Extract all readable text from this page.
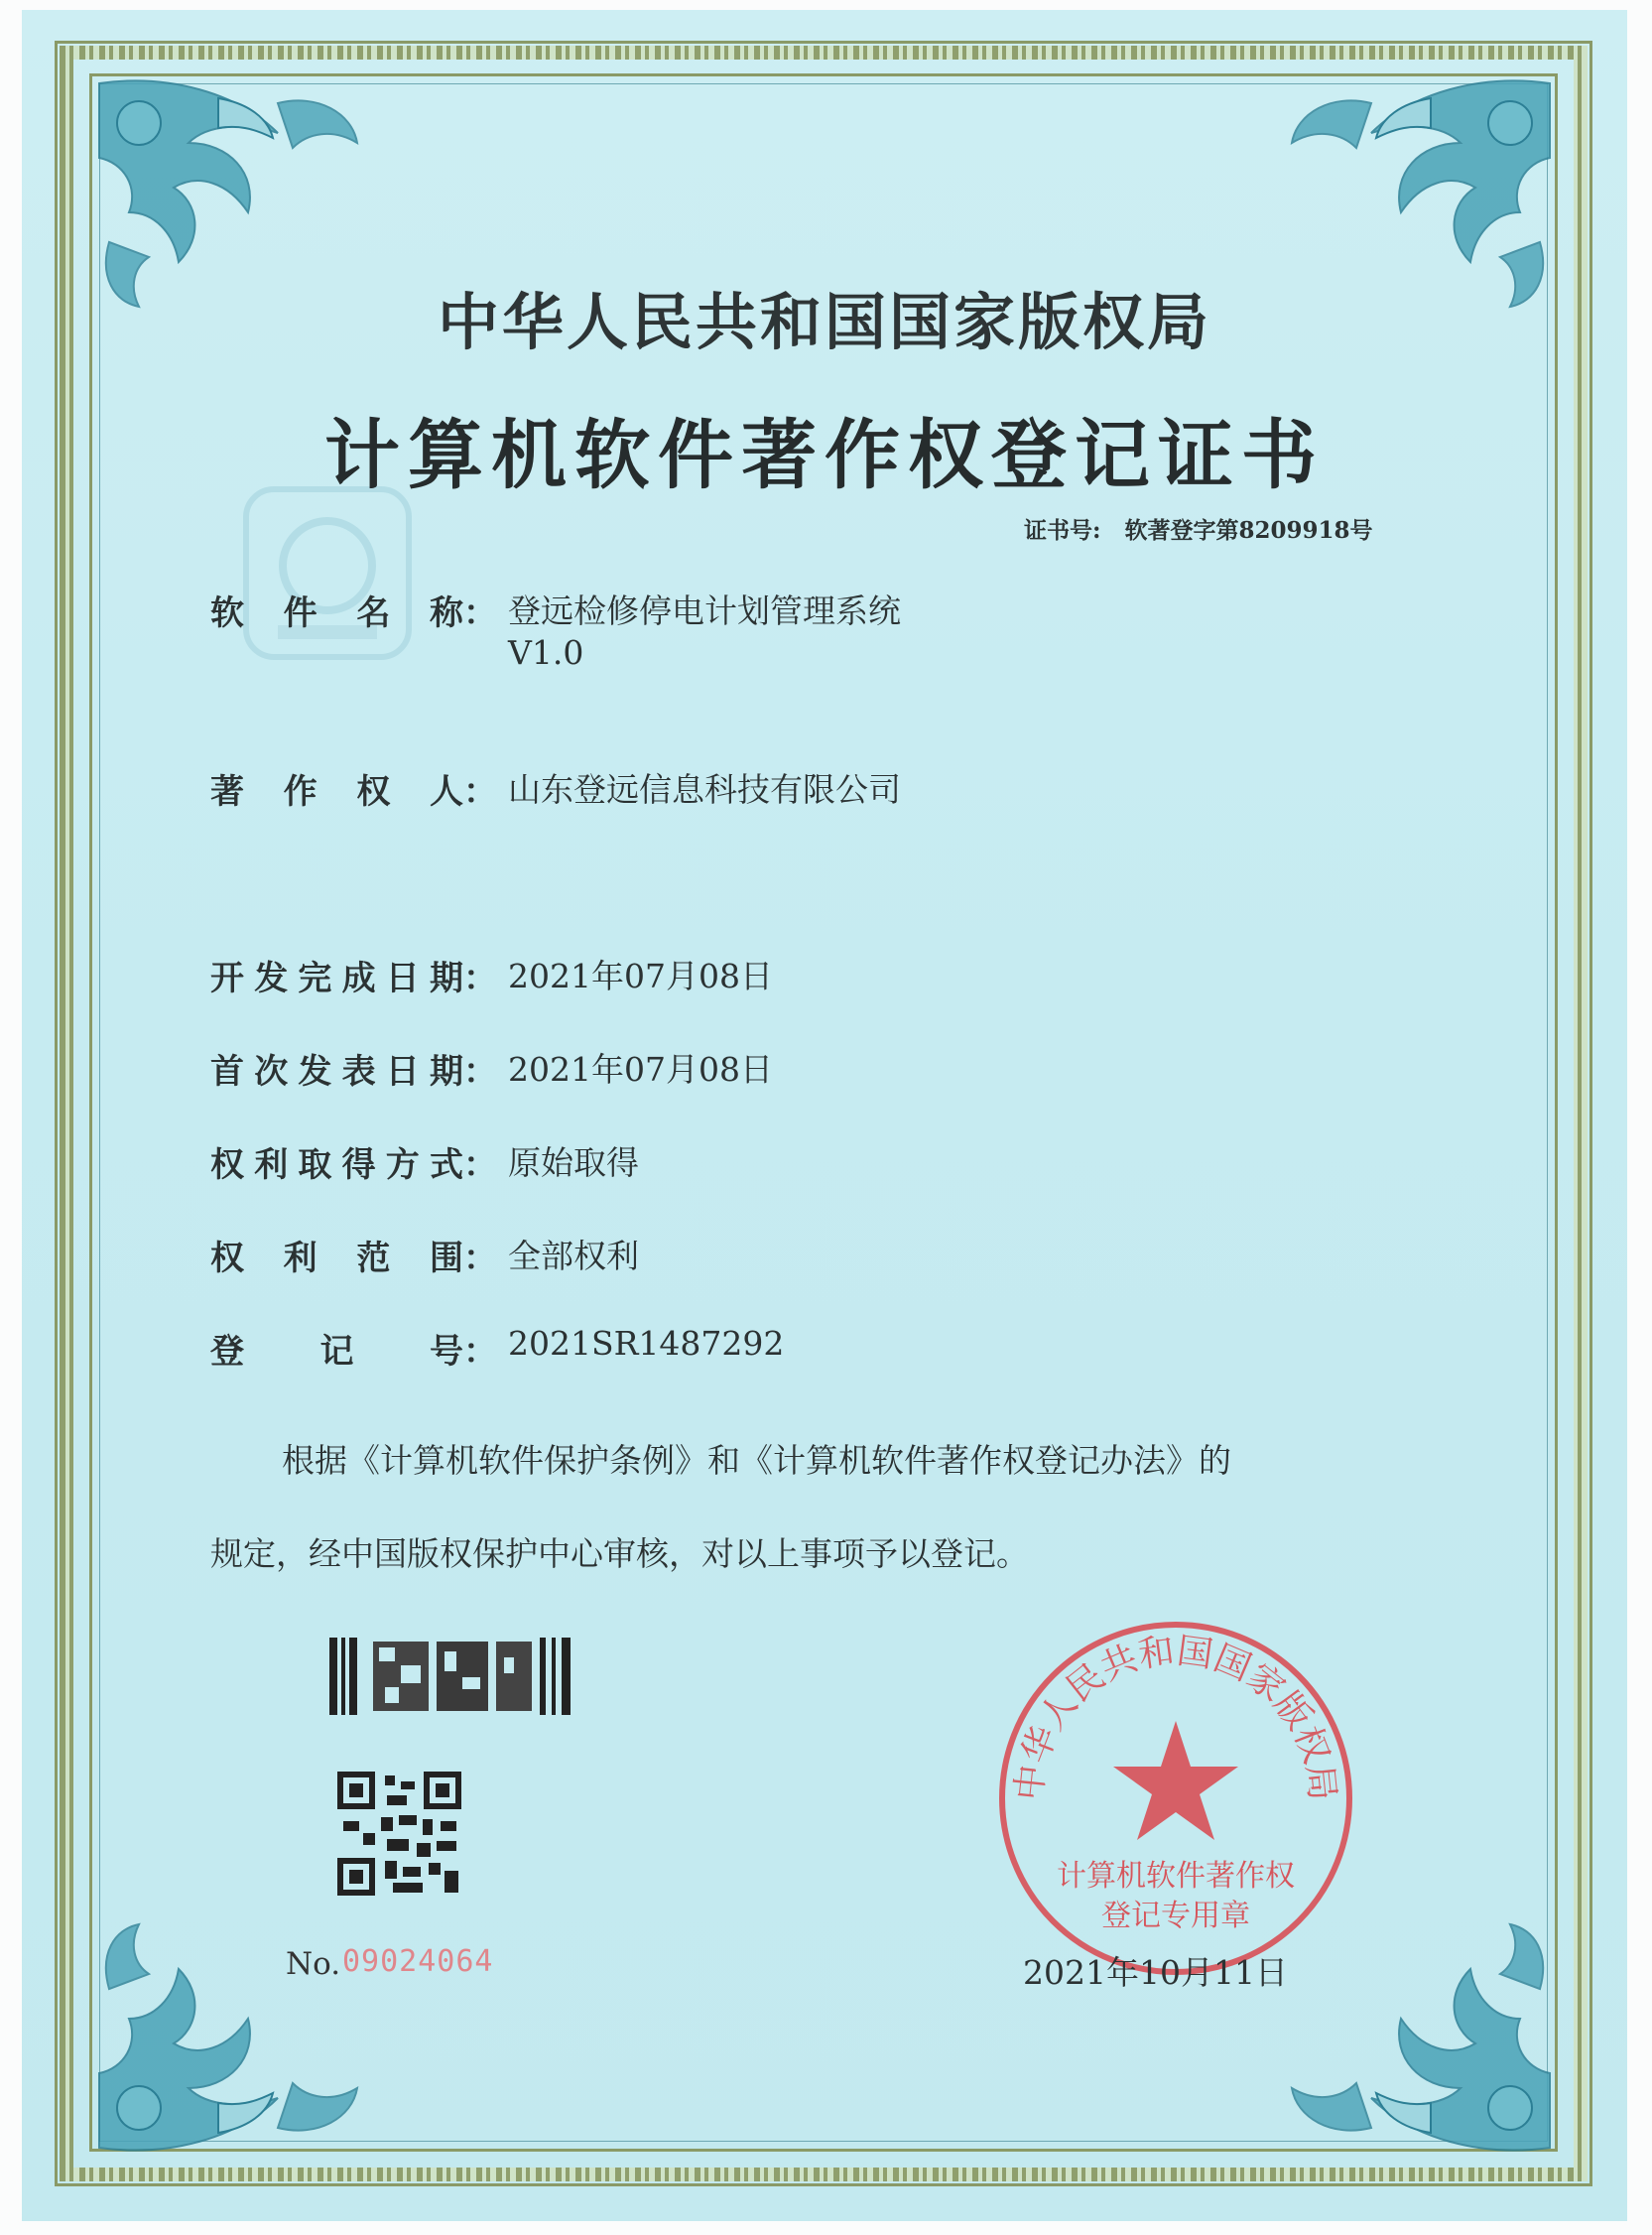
中华人民共和国国家版权局
计算机软件著作权登记证书
证书号: 软著登字第8209918号
软件名称： 登远检修停电计划管理系统
V1.0
著作权人： 山东登远信息科技有限公司
开发完成日期： 2021年07月08日
首次发表日期： 2021年07月08日
权利取得方式： 原始取得
权利范围： 全部权利
登记号： 2021SR1487292
根据《计算机软件保护条例》和《计算机软件著作权登记办法》的
规定，经中国版权保护中心审核，对以上事项予以登记。
No. 09024064
中华人民共和国国家版权局
计算机软件著作权
登记专用章
2021年10月11日
